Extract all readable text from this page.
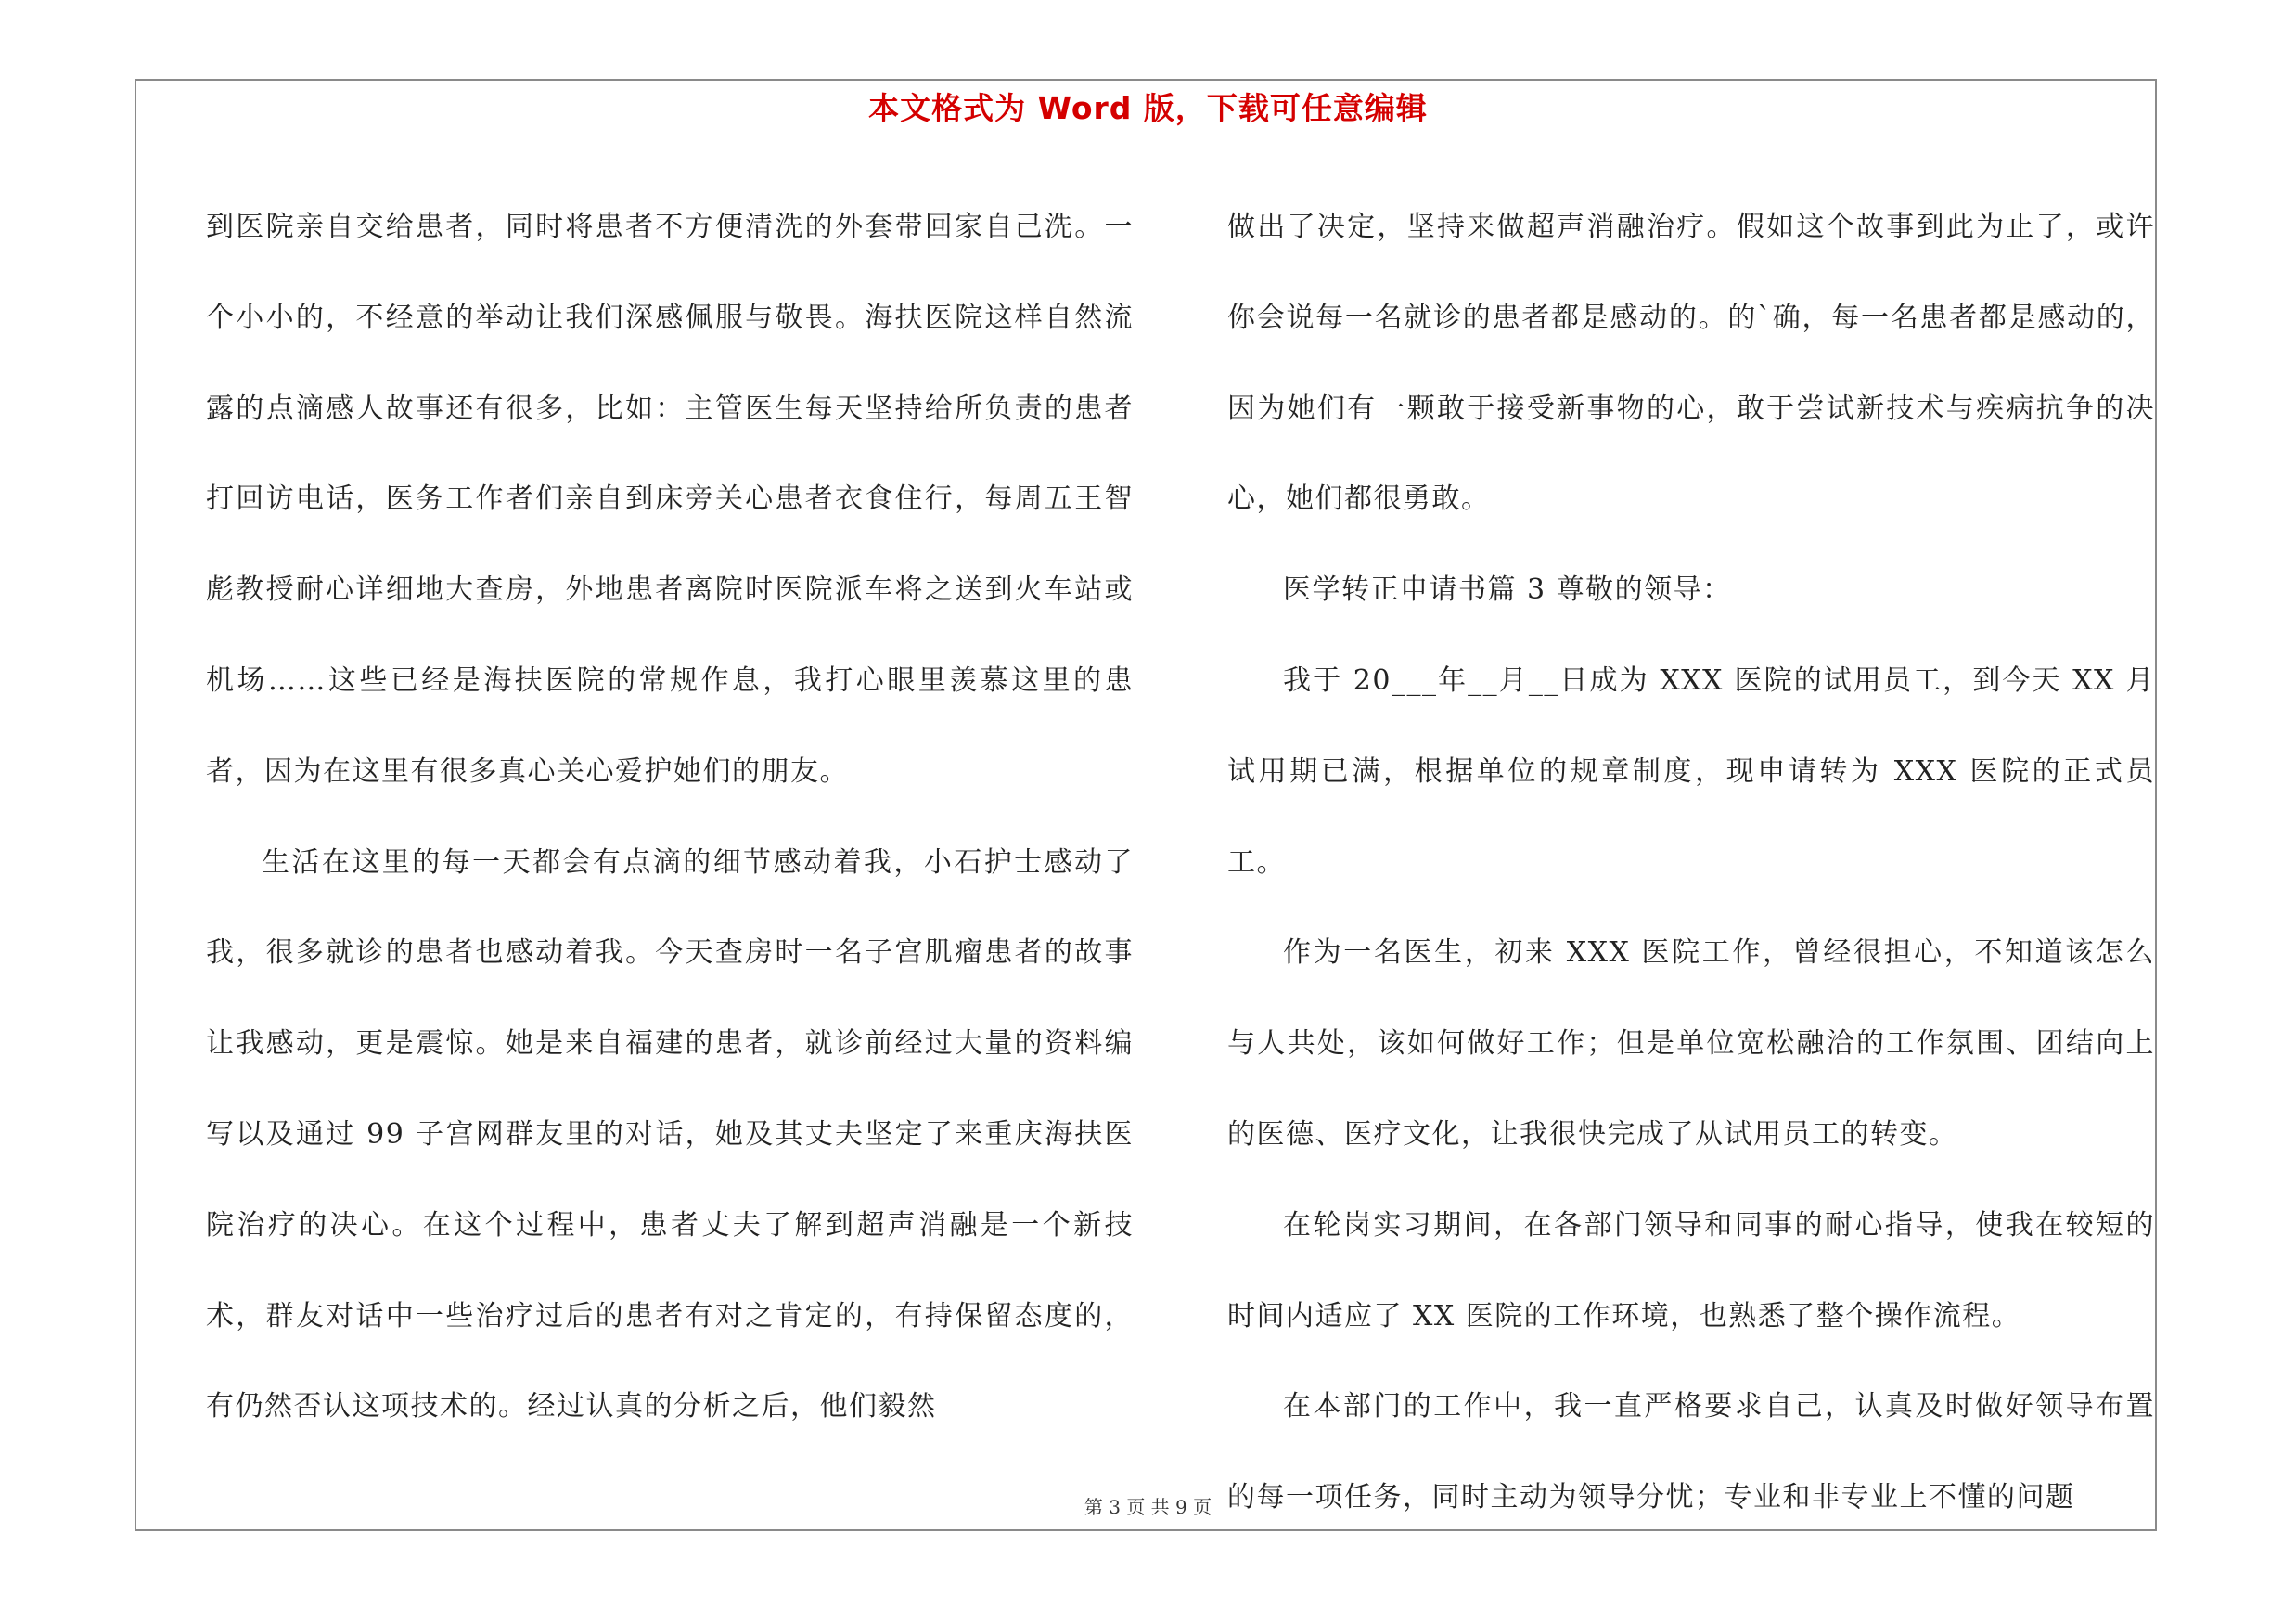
本文格式为 Word 版，下载可任意编辑

到医院亲自交给患者，同时将患者不方便清洗的外套带回家自己洗。一个小小的，不经意的举动让我们深感佩服与敬畏。海扶医院这样自然流露的点滴感人故事还有很多，比如：主管医生每天坚持给所负责的患者打回访电话，医务工作者们亲自到床旁关心患者衣食住行，每周五王智彪教授耐心详细地大查房，外地患者离院时医院派车将之送到火车站或机场……这些已经是海扶医院的常规作息，我打心眼里羡慕这里的患者，因为在这里有很多真心关心爱护她们的朋友。

生活在这里的每一天都会有点滴的细节感动着我，小石护士感动了我，很多就诊的患者也感动着我。今天查房时一名子宫肌瘤患者的故事让我感动，更是震惊。她是来自福建的患者，就诊前经过大量的资料编写以及通过 99 子宫网群友里的对话，她及其丈夫坚定了来重庆海扶医院治疗的决心。在这个过程中，患者丈夫了解到超声消融是一个新技术，群友对话中一些治疗过后的患者有对之肯定的，有持保留态度的，有仍然否认这项技术的。经过认真的分析之后，他们毅然

做出了决定，坚持来做超声消融治疗。假如这个故事到此为止了，或许你会说每一名就诊的患者都是感动的。的`确，每一名患者都是感动的，因为她们有一颗敢于接受新事物的心，敢于尝试新技术与疾病抗争的决心，她们都很勇敢。

医学转正申请书篇 3 尊敬的领导：

我于 20___年__月__日成为 XXX 医院的试用员工，到今天 XX 月试用期已满，根据单位的规章制度，现申请转为 XXX 医院的正式员工。

作为一名医生，初来 XXX 医院工作，曾经很担心，不知道该怎么与人共处，该如何做好工作；但是单位宽松融洽的工作氛围、团结向上的医德、医疗文化，让我很快完成了从试用员工的转变。

在轮岗实习期间，在各部门领导和同事的耐心指导，使我在较短的时间内适应了 XX 医院的工作环境，也熟悉了整个操作流程。

在本部门的工作中，我一直严格要求自己，认真及时做好领导布置的每一项任务，同时主动为领导分忧；专业和非专业上不懂的问题

第 3 页 共 9 页
